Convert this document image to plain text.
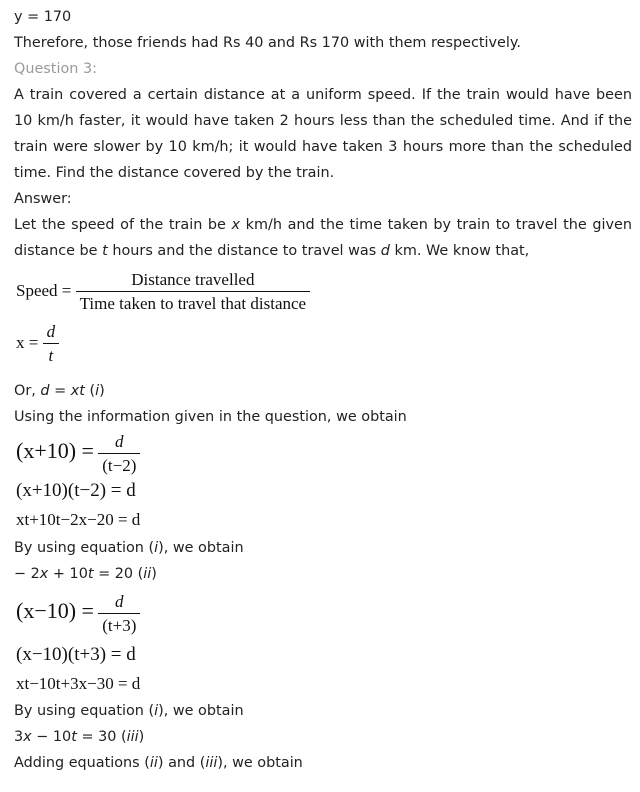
y = 170
Therefore, those friends had Rs 40 and Rs 170 with them respectively.
Question 3:
A train covered a certain distance at a uniform speed. If the train would have been 10 km/h faster, it would have taken 2 hours less than the scheduled time. And if the train were slower by 10 km/h; it would have taken 3 hours more than the scheduled time. Find the distance covered by the train.
Answer:
Let the speed of the train be x km/h and the time taken by train to travel the given distance be t hours and the distance to travel was d km. We know that,
Speed = $\frac{\text{Distance travelled}}{\text{Time taken to travel that distance}}$
$x = \frac{d}{t}$
Or, d = xt (i)
Using the information given in the question, we obtain
$(x+10) = \frac{d}{(t-2)}$
(x+10)(t−2) = d
xt+10t−2x−20 = d
By using equation (i), we obtain
− 2x + 10t = 20 (ii)
$(x-10) = \frac{d}{(t+3)}$
(x−10)(t+3) = d
xt−10t+3x−30 = d
By using equation (i), we obtain
3x − 10t = 30 (iii)
Adding equations (ii) and (iii), we obtain
